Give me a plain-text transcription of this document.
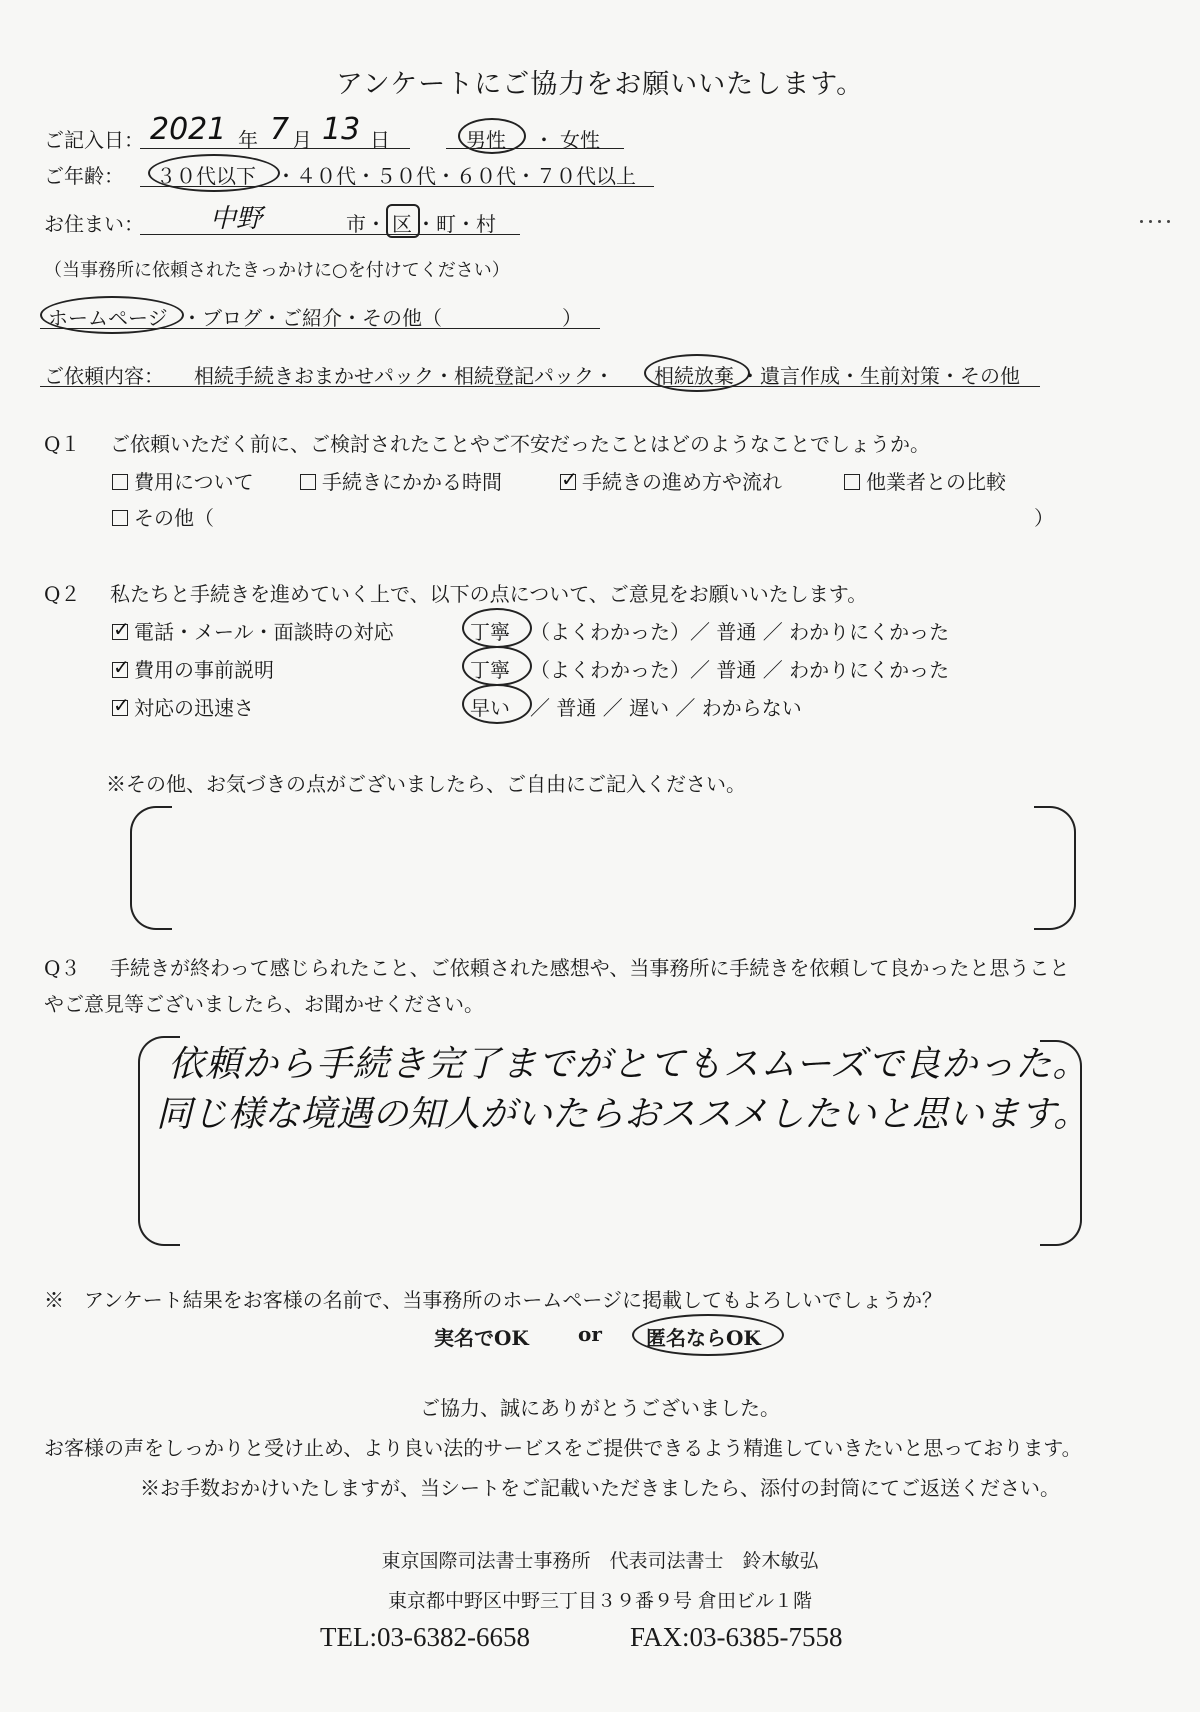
アンケートにご協力をお願いいたします。
ご記入日： 2021 年 7 月 13 日	男性 ・ 女性
ご年齢： ３０代以下 ・４０代・５０代・６０代・７０代以上
お住まい：	中野	市・ 区 ・町・村
（当事務所に依頼されたきっかけに○を付けてください）
ホームページ ・ブログ・ご紹介・その他（　　　　　　）
ご依頼内容： 相続手続きおまかせパック・相続登記パック・ 相続放棄 ・遺言作成・生前対策・その他
Q１ ご依頼いただく前に、ご検討されたことやご不安だったことはどのようなことでしょうか。
費用について	手続きにかかる時間
✓	手続きの進め方や流れ	他業者との比較
その他（	）
Q２ 私たちと手続きを進めていく上で、以下の点について、ご意見をお願いいたします。
✓電話・メール・面談時の対応	丁寧 （よくわかった）／ 普通 ／ わかりにくかった
✓費用の事前説明	丁寧 （よくわかった）／ 普通 ／ わかりにくかった
✓対応の迅速さ	早い ／ 普通 ／ 遅い ／ わからない
※その他、お気づきの点がございましたら、ご自由にご記入ください。
Q３ 手続きが終わって感じられたこと、ご依頼された感想や、当事務所に手続きを依頼して良かったと思うこと
やご意見等ございましたら、お聞かせください。
依頼から手続き完了までがとてもスムーズで良かった。
同じ様な境遇の知人がいたらおススメしたいと思います。
※　アンケート結果をお客様の名前で、当事務所のホームページに掲載してもよろしいでしょうか？
実名でOK or 匿名ならOK
ご協力、誠にありがとうございました。
お客様の声をしっかりと受け止め、より良い法的サービスをご提供できるよう精進していきたいと思っております。
※お手数おかけいたしますが、当シートをご記載いただきましたら、添付の封筒にてご返送ください。
東京国際司法書士事務所　代表司法書士　鈴木敏弘
東京都中野区中野三丁目３９番９号 倉田ビル１階
TEL:03-6382-6658	FAX:03-6385-7558
